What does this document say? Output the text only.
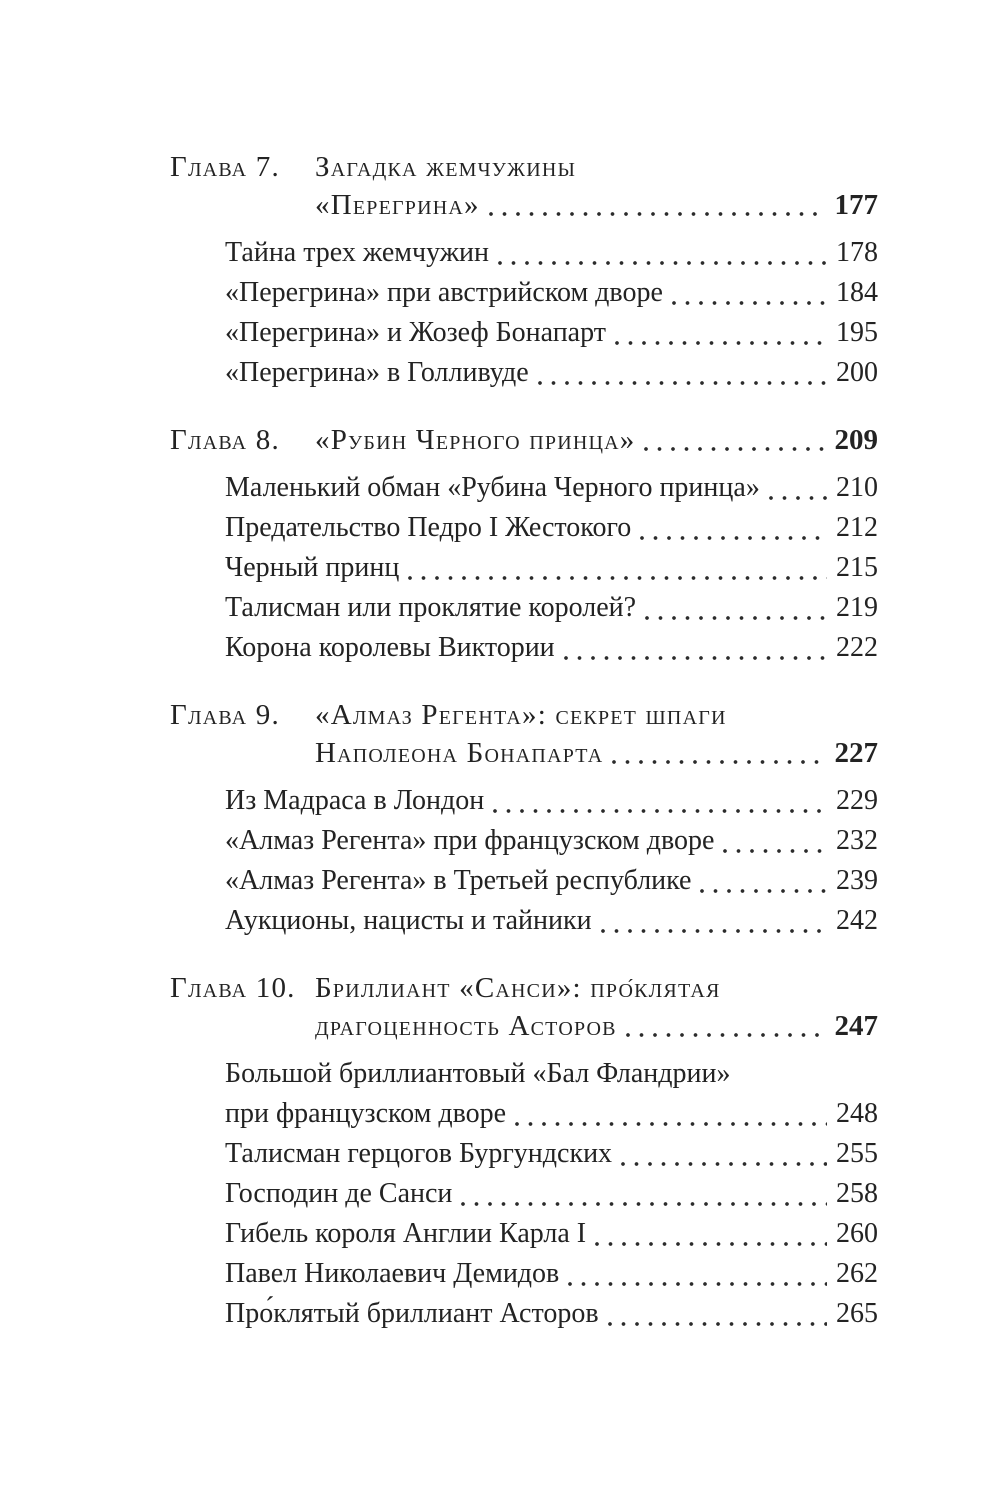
Глава 7.	Загадка жемчужины
«Перегрина»	177
Тайна трех жемчужин	178
«Перегрина» при австрийском дворе	184
«Перегрина» и Жозеф Бонапарт	195
«Перегрина» в Голливуде	200
Глава 8.	«Рубин Черного принца»	209
Маленький обман «Рубина Черного принца»	210
Предательство Педро I Жестокого	212
Черный принц	215
Талисман или проклятие королей?	219
Корона королевы Виктории	222
Глава 9.	«Алмаз Регента»: секрет шпаги
Наполеона Бонапарта	227
Из Мадраса в Лондон	229
«Алмаз Регента» при французском дворе	232
«Алмаз Регента» в Третьей республике	239
Аукционы, нацисты и тайники	242
Глава 10. Бриллиант «Санси»: про́клятая
драгоценность Асторов	247
Большой бриллиантовый «Бал Фландрии»
при французском дворе	248
Талисман герцогов Бургундских	255
Господин де Санси	258
Гибель короля Англии Карла I	260
Павел Николаевич Демидов	262
Про́клятый бриллиант Асторов	265
